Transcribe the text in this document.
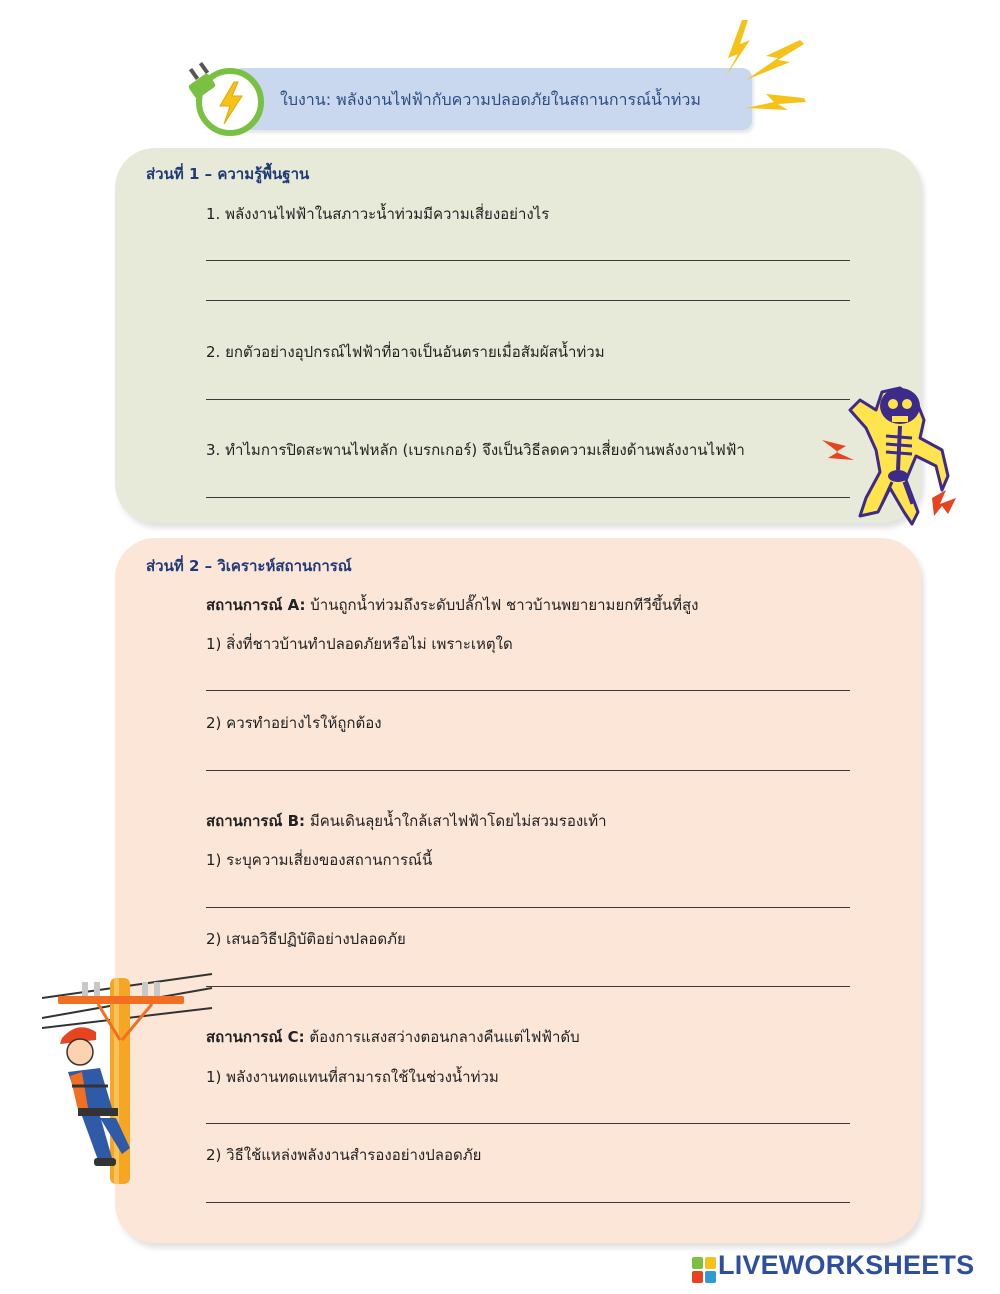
ใบงาน: พลังงานไฟฟ้ากับความปลอดภัยในสถานการณ์น้ำท่วม
ส่วนที่ 1 – ความรู้พื้นฐาน
1. พลังงานไฟฟ้าในสภาวะน้ำท่วมมีความเสี่ยงอย่างไร
2. ยกตัวอย่างอุปกรณ์ไฟฟ้าที่อาจเป็นอันตรายเมื่อสัมผัสน้ำท่วม
3. ทำไมการปิดสะพานไฟหลัก (เบรกเกอร์) จึงเป็นวิธีลดความเสี่ยงด้านพลังงานไฟฟ้า
ส่วนที่ 2 – วิเคราะห์สถานการณ์
สถานการณ์ A: บ้านถูกน้ำท่วมถึงระดับปลั๊กไฟ ชาวบ้านพยายามยกทีวีขึ้นที่สูง
1) สิ่งที่ชาวบ้านทำปลอดภัยหรือไม่ เพราะเหตุใด
2) ควรทำอย่างไรให้ถูกต้อง
สถานการณ์ B: มีคนเดินลุยน้ำใกล้เสาไฟฟ้าโดยไม่สวมรองเท้า
1) ระบุความเสี่ยงของสถานการณ์นี้
2) เสนอวิธีปฏิบัติอย่างปลอดภัย
สถานการณ์ C: ต้องการแสงสว่างตอนกลางคืนแต่ไฟฟ้าดับ
1) พลังงานทดแทนที่สามารถใช้ในช่วงน้ำท่วม
2) วิธีใช้แหล่งพลังงานสำรองอย่างปลอดภัย
LIVEWORKSHEETS
